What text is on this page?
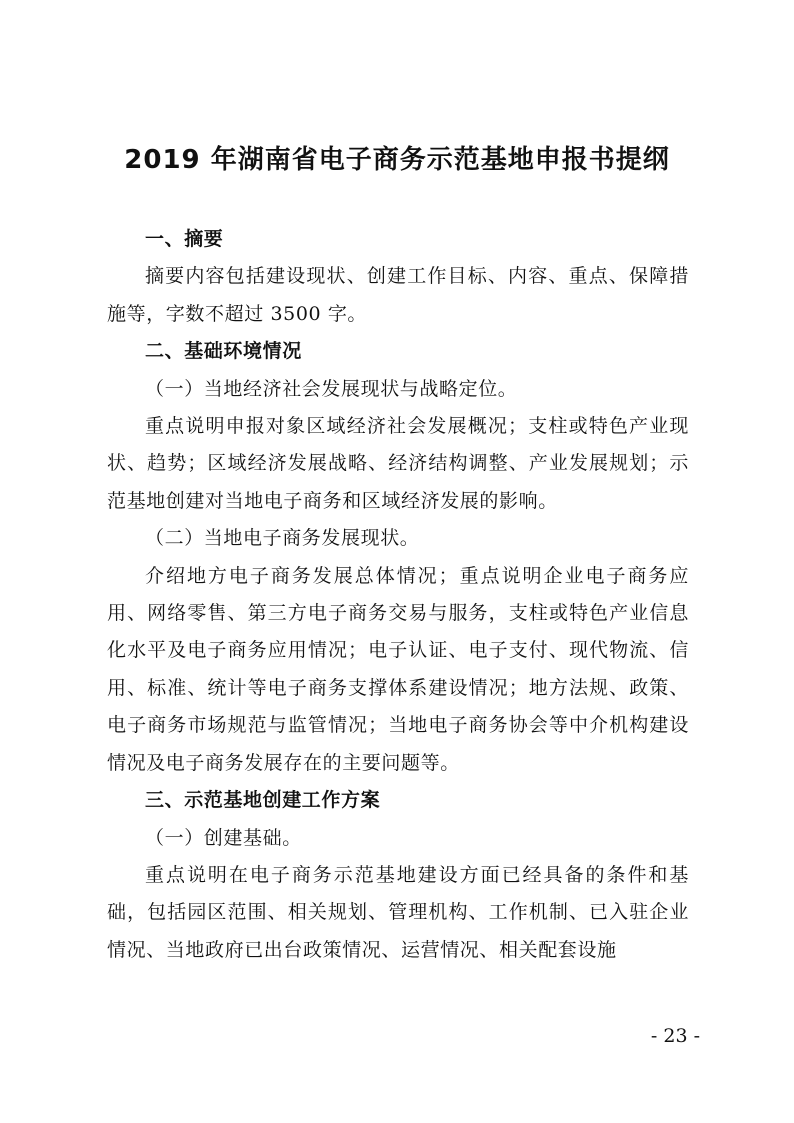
2019 年湖南省电子商务示范基地申报书提纲

一、摘要

摘要内容包括建设现状、创建工作目标、内容、重点、保障措施等，字数不超过 3500 字。

二、基础环境情况

（一）当地经济社会发展现状与战略定位。

重点说明申报对象区域经济社会发展概况；支柱或特色产业现状、趋势；区域经济发展战略、经济结构调整、产业发展规划；示范基地创建对当地电子商务和区域经济发展的影响。

（二）当地电子商务发展现状。

介绍地方电子商务发展总体情况；重点说明企业电子商务应用、网络零售、第三方电子商务交易与服务，支柱或特色产业信息化水平及电子商务应用情况；电子认证、电子支付、现代物流、信用、标准、统计等电子商务支撑体系建设情况；地方法规、政策、电子商务市场规范与监管情况；当地电子商务协会等中介机构建设情况及电子商务发展存在的主要问题等。

三、示范基地创建工作方案

（一）创建基础。

重点说明在电子商务示范基地建设方面已经具备的条件和基础，包括园区范围、相关规划、管理机构、工作机制、已入驻企业情况、当地政府已出台政策情况、运营情况、相关配套设施

- 23 -
